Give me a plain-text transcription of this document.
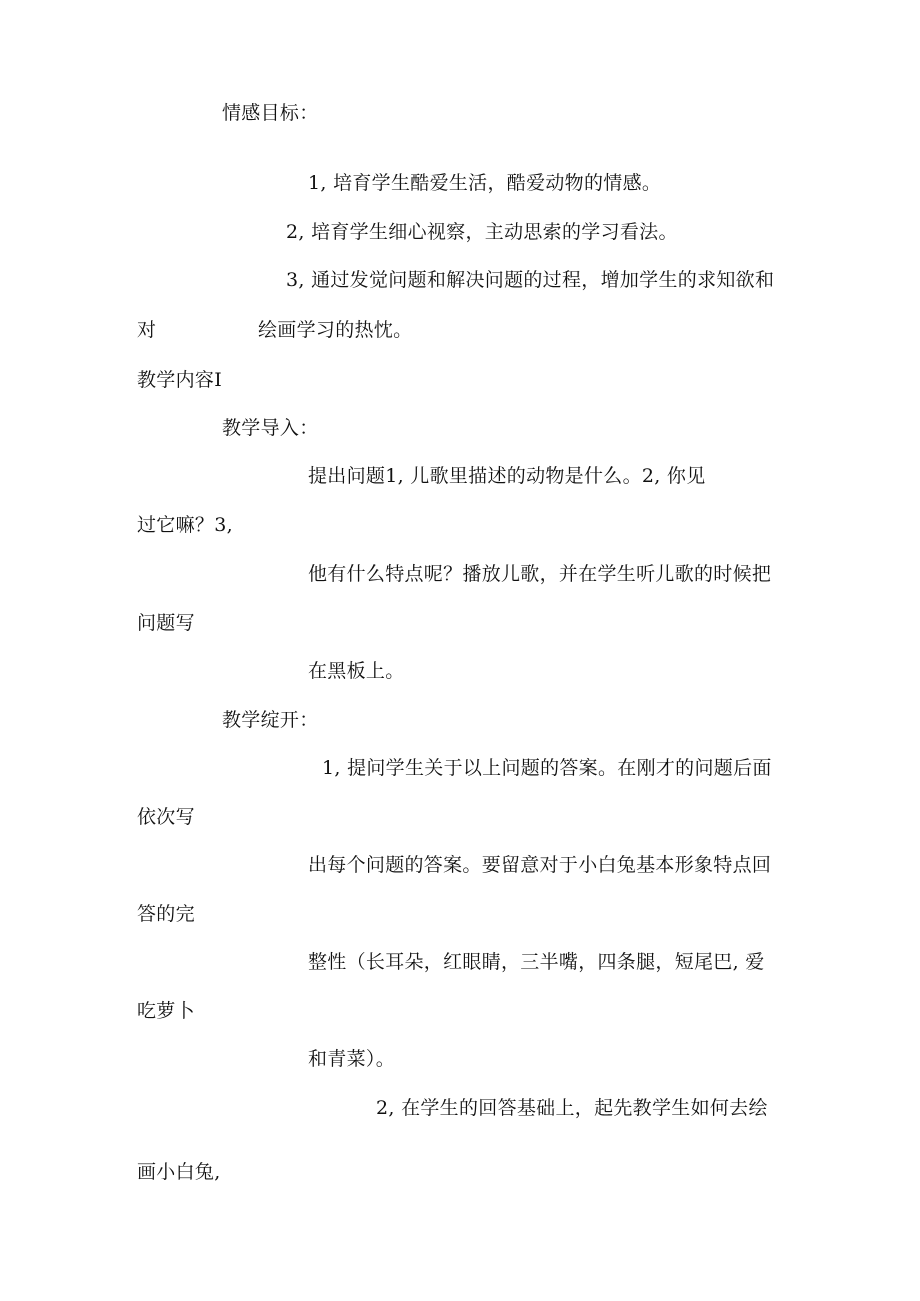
情感目标：
1, 培育学生酷爱生活，酷爱动物的情感。
2, 培育学生细心视察，主动思索的学习看法。
3, 通过发觉问题和解决问题的过程，增加学生的求知欲和
对	绘画学习的热忱。
教学内容I
教学导入：
提出问题1, 儿歌里描述的动物是什么。2, 你见
过它嘛？3,
他有什么特点呢？播放儿歌，并在学生听儿歌的时候把
问题写
在黑板上。
教学绽开：
1, 提问学生关于以上问题的答案。在刚才的问题后面
依次写
出每个问题的答案。要留意对于小白兔基本形象特点回
答的完
整性（长耳朵，红眼睛，三半嘴，四条腿，短尾巴, 爱
吃萝卜
和青菜）。
2, 在学生的回答基础上，起先教学生如何去绘
画小白兔,
